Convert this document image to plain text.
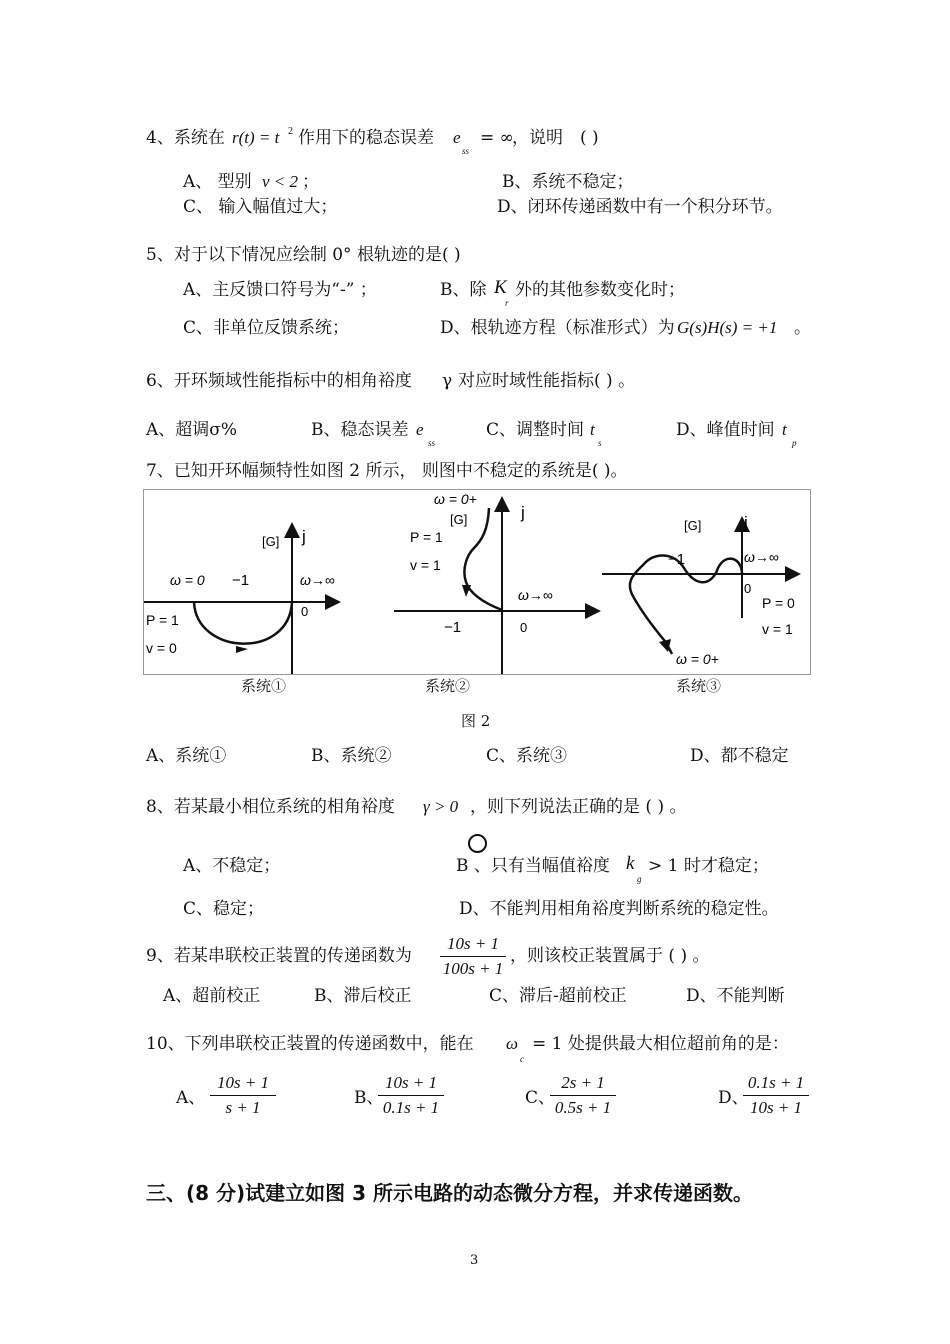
4、系统在 r(t) = t 2 作用下的稳态误差 e
ss
= ∞
，说明 ( )
A、 型别 v < 2 ；	B、系统不稳定；
C、 输入幅值过大；	D、闭环传递函数中有一个积分环节。
5、对于以下情况应绘制 0° 根轨迹的是( )
A、主反馈口符号为“-” ；	B、除 K
r
外的其他参数变化时；
C、非单位反馈系统；	D、根轨迹方程（标准形式）为 G(s)H(s) = +1 。
6、开环频域性能指标中的相角裕度 γ 对应时域性能指标( ) 。
A、超调σ%	B、稳态误差 e
ss
C、调整时间 t
s
D、峰值时间 t
p
7、已知开环幅频特性如图 2 所示， 则图中不稳定的系统是( )。
[G] j
ω = 0 −1	ω→∞
0
P = 1
v = 0
ω = 0+
[G]	j
P = 1
v = 1
ω→∞
−1	0
[G]	j
−1	ω→∞
0
P = 0
v = 1
ω = 0+
系统①	系统②	系统③
图 2
A、系统①	B、系统②	C、系统③	D、都不稳定
8、若某最小相位系统的相角裕度 γ > 0 ，则下列说法正确的是 ( ) 。
A、不稳定；	B 、只有当幅值裕度 k
g
> 1 时才稳定；
C、稳定；	D、不能判用相角裕度判断系统的稳定性。
9、若某串联校正装置的传递函数为
10s + 1
100s + 1
，则该校正装置属于 ( ) 。
A、超前校正	B、滞后校正	C、滞后-超前校正	D、不能判断
10、下列串联校正装置的传递函数中，能在 ω
c
= 1 处提供最大相位超前角的是：
A、
10s + 1
s + 1	B、
10s + 1
0.1s + 1	C、
2s + 1
0.5s + 1	D、
0.1s + 1
10s + 1
三、(8 分)试建立如图 3 所示电路的动态微分方程，并求传递函数。
3
